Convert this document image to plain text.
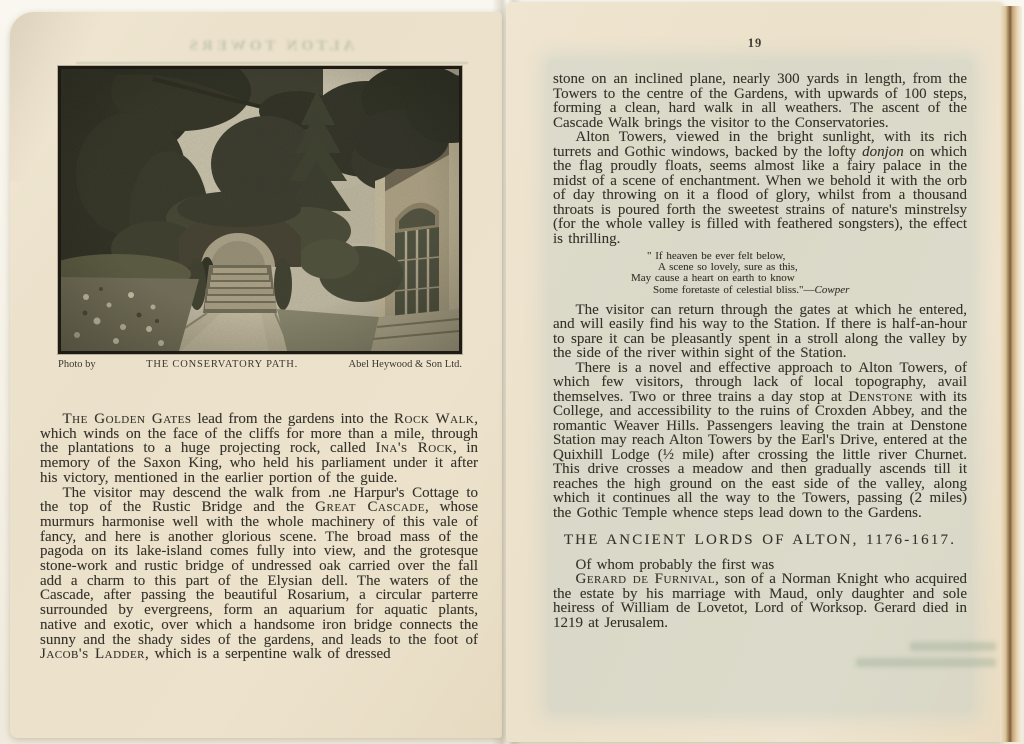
ALTON TOWERS
Photo by	THE CONSERVATORY PATH.	Abel Heywood & Son Ltd.

The Golden Gates lead from the gardens into the Rock Walk, which winds on the face of the cliffs for more than a mile, through the plantations to a huge projecting rock, called Ina's Rock, in memory of the Saxon King, who held his parliament under it after his victory, mentioned in the earlier portion of the guide.

The visitor may descend the walk from .ne Harpur's Cottage to the top of the Rustic Bridge and the Great Cascade, whose murmurs harmonise well with the whole machinery of this vale of fancy, and here is another glorious scene. The broad mass of the pagoda on its lake-island comes fully into view, and the grotesque stone-work and rustic bridge of undressed oak carried over the fall add a charm to this part of the Elysian dell. The waters of the Cascade, after passing the beautiful Rosarium, a circular parterre surrounded by evergreens, form an aquarium for aquatic plants, native and exotic, over which a handsome iron bridge connects the sunny and the shady sides of the gardens, and leads to the foot of Jacob's Ladder, which is a serpentine walk of dressed

19

stone on an inclined plane, nearly 300 yards in length, from the Towers to the centre of the Gardens, with upwards of 100 steps, forming a clean, hard walk in all weathers. The ascent of the Cascade Walk brings the visitor to the Conservatories.

Alton Towers, viewed in the bright sunlight, with its rich turrets and Gothic windows, backed by the lofty donjon on which the flag proudly floats, seems almost like a fairy palace in the midst of a scene of enchantment. When we behold it with the orb of day throwing on it a flood of glory, whilst from a thousand throats is poured forth the sweetest strains of nature's minstrelsy (for the whole valley is filled with feathered songsters), the effect is thrilling.

" If heaven be ever felt below,
A scene so lovely, sure as this,
May cause a heart on earth to know
Some foretaste of celestial bliss."—Cowper

The visitor can return through the gates at which he entered, and will easily find his way to the Station. If there is half-an-hour to spare it can be pleasantly spent in a stroll along the valley by the side of the river within sight of the Station.

There is a novel and effective approach to Alton Towers, of which few visitors, through lack of local topography, avail themselves. Two or three trains a day stop at Denstone with its College, and accessibility to the ruins of Croxden Abbey, and the romantic Weaver Hills. Passengers leaving the train at Denstone Station may reach Alton Towers by the Earl's Drive, entered at the Quixhill Lodge (½ mile) after crossing the little river Churnet. This drive crosses a meadow and then gradually ascends till it reaches the high ground on the east side of the valley, along which it continues all the way to the Towers, passing (2 miles) the Gothic Temple whence steps lead down to the Gardens.

THE ANCIENT LORDS OF ALTON, 1176-1617.

Of whom probably the first was

Gerard de Furnival, son of a Norman Knight who acquired the estate by his marriage with Maud, only daughter and sole heiress of William de Lovetot, Lord of Worksop. Gerard died in 1219 at Jerusalem.
